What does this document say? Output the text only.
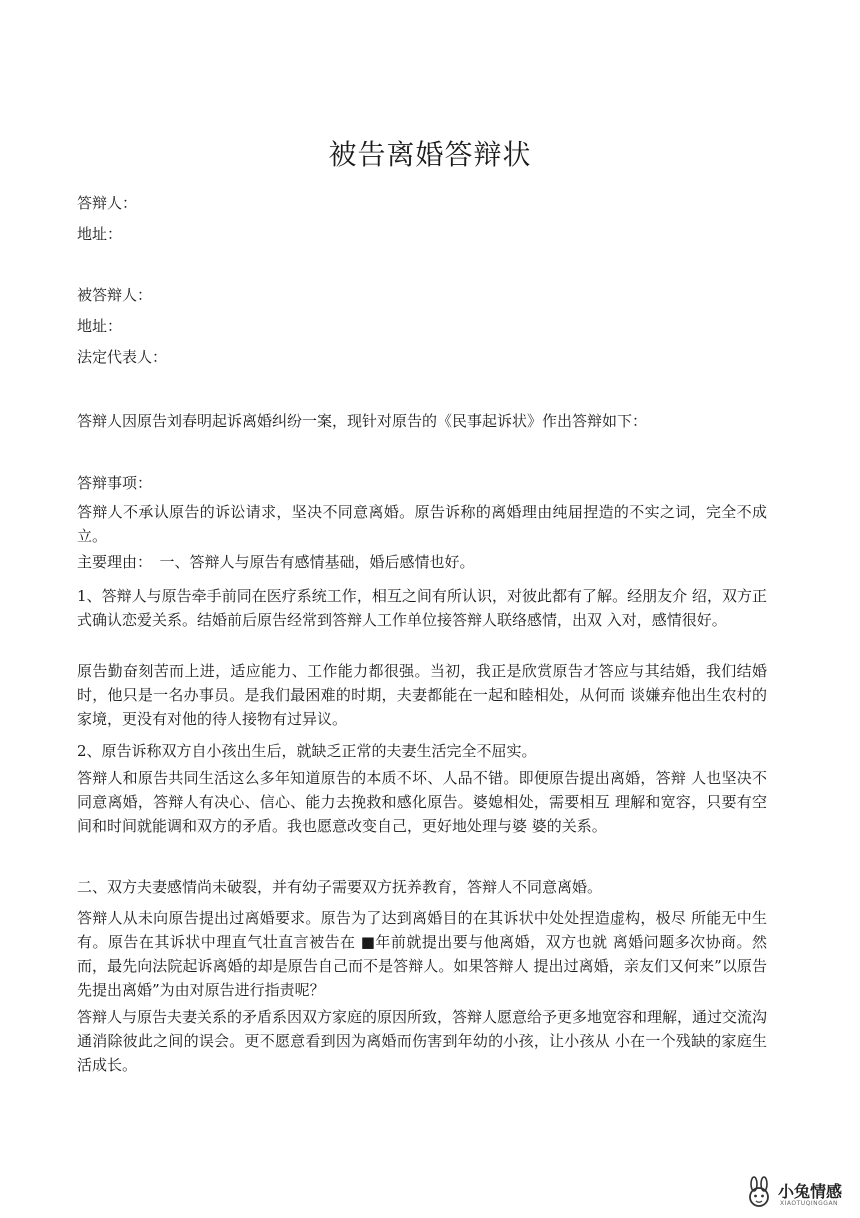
被告离婚答辩状
答辩人：
地址：
被答辩人：
地址：
法定代表人：
答辩人因原告刘春明起诉离婚纠纷一案，现针对原告的《民事起诉状》作出答辩如下：
答辩事项：

答辩人不承认原告的诉讼请求，坚决不同意离婚。原告诉称的离婚理由纯届捏造的不实之词，完全不成立。

主要理由：　一、答辩人与原告有感情基础，婚后感情也好。

1、答辩人与原告牵手前同在医疗系统工作，相互之间有所认识，对彼此都有了解。经朋友介 绍，双方正式确认恋爱关系。结婚前后原告经常到答辩人工作单位接答辩人联络感情，出双 入对，感情很好。

原告勤奋刻苦而上进，适应能力、工作能力都很强。当初，我正是欣赏原告才答应与其结婚，我们结婚时，他只是一名办事员。是我们最困难的时期，夫妻都能在一起和睦相处，从何而 谈嫌弃他出生农村的家境，更没有对他的待人接物有过异议。

2、原告诉称双方自小孩出生后，就缺乏正常的夫妻生活完全不屈实。

答辩人和原告共同生活这么多年知道原告的本质不坏、人品不错。即便原告提出离婚，答辩 人也坚决不同意离婚，答辩人有决心、信心、能力去挽救和感化原告。婆媳相处，需要相互 理解和宽容，只要有空间和时间就能调和双方的矛盾。我也愿意改变自己，更好地处理与婆 婆的关系。

二、双方夫妻感情尚未破裂，并有幼子需要双方抚养教育，答辩人不同意离婚。

答辩人从未向原告提出过离婚要求。原告为了达到离婚目的在其诉状中处处捏造虚构，极尽 所能无中生有。原告在其诉状中理直气壮直言被告在 ■年前就提出要与他离婚，双方也就 离婚问题多次协商。然而，最先向法院起诉离婚的却是原告自己而不是答辩人。如果答辩人 提出过离婚，亲友们又何来”以原告先提出离婚”为由对原告进行指责呢？

答辩人与原告夫妻关系的矛盾系因双方家庭的原因所致，答辩人愿意给予更多地宽容和理解，通过交流沟通消除彼此之间的误会。更不愿意看到因为离婚而伤害到年幼的小孩，让小孩从 小在一个残缺的家庭生活成长。

小兔情感
XIAOTUQINGGAN
